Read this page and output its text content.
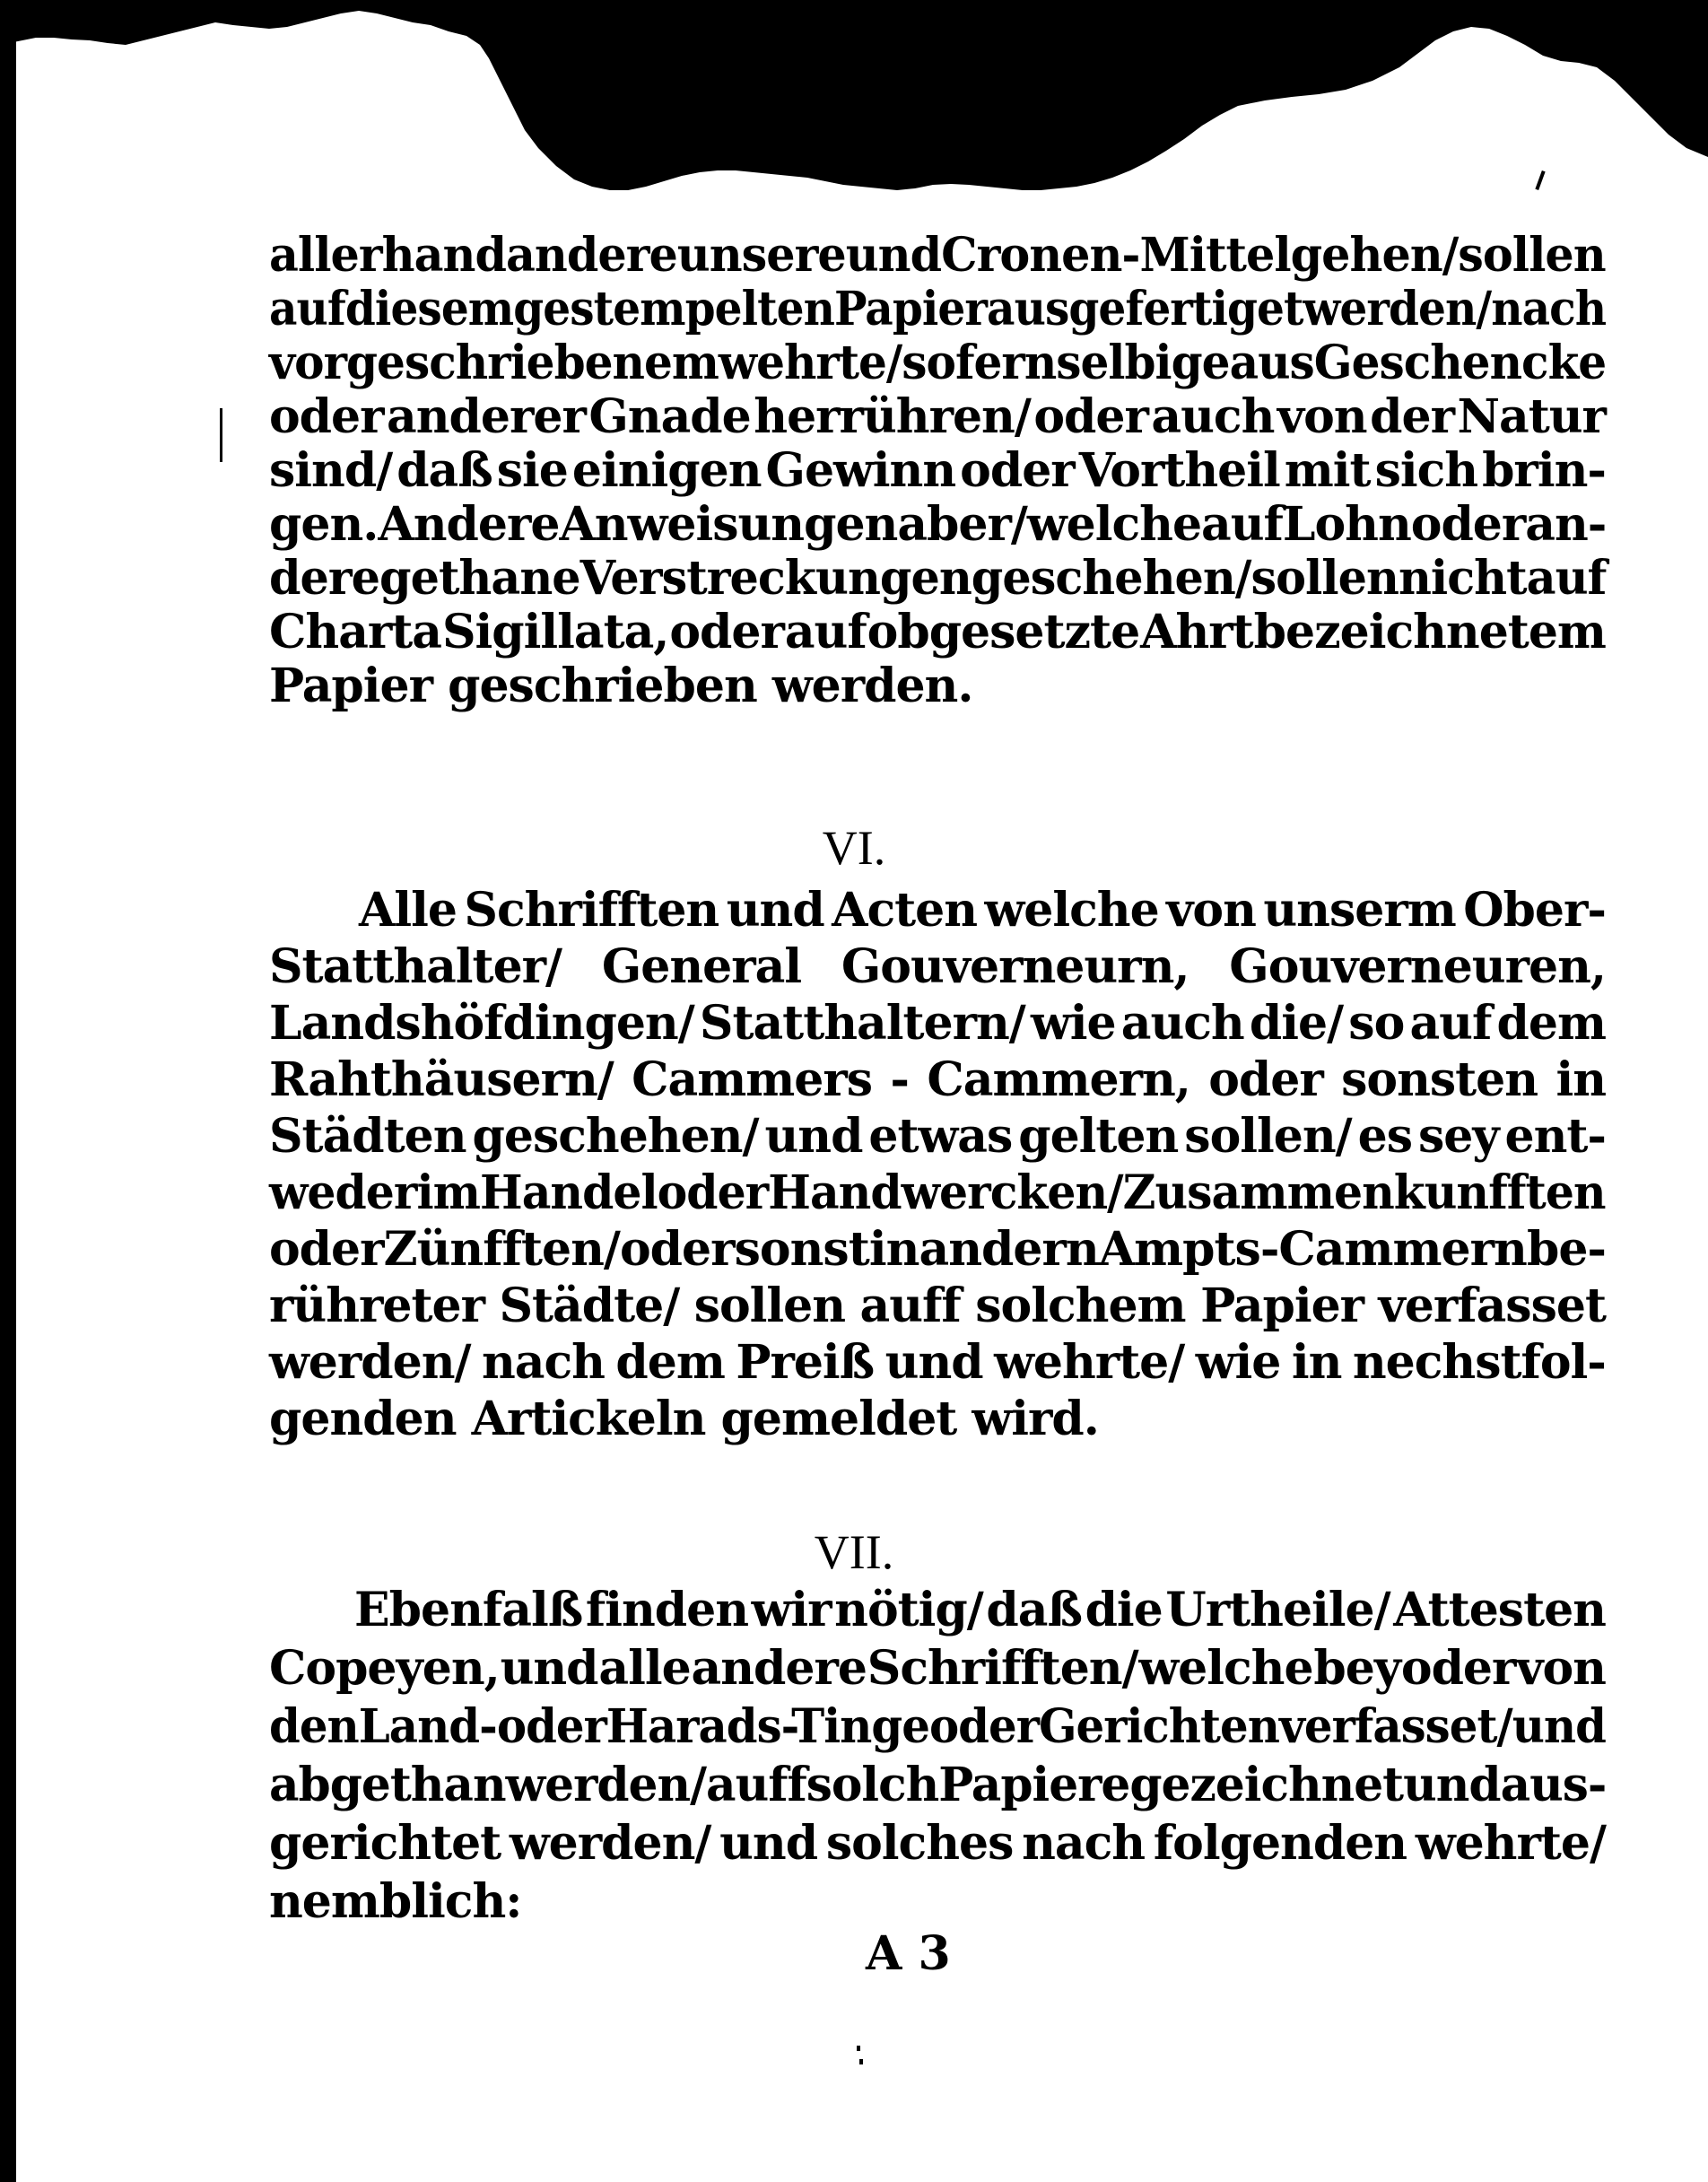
allerhand andere unsere und Cronen-Mittel gehen/ sollen
auf diesem gestempelten Papier ausgefertiget werden/ nach
vorgeschriebenem wehrte / so fern selbige aus Geschencke
oder anderer Gnade herrühren/ oder auch von der Natur
sind/ daß sie einigen Gewinn oder Vortheil mit sich brin-
gen. Andere Anweisungen aber/ welche auf Lohn oder an-
dere gethane Verstreckungen geschehen/ sollen nicht auf
Charta Sigillata, oder auf obgesetzte Ahrt bezeichnetem
Papier geschrieben werden.
VI.
Alle Schrifften und Acten welche von unserm Ober-
Statthalter/ General Gouverneurn, Gouverneuren,
Landshöfdingen/ Statthaltern/ wie auch die/ so auf dem
Rahthäusern/ Cammers - Cammern, oder sonsten in
Städten geschehen/ und etwas gelten sollen/ es sey ent-
weder im Handel oder Handwercken/ Zusammenkunfften
oder Zünfften/ oder sonst in andern Ampts-Cammern be-
rühreter Städte/ sollen auff solchem Papier verfasset
werden/ nach dem Preiß und wehrte/ wie in nechstfol-
genden Artickeln gemeldet wird.
VII.
Ebenfalß finden wir nötig/ daß die Urtheile/ Attesten
Copeyen, und alle andere Schrifften/ welche bey oder von
den Land- oder Harads-Tinge oder Gerichten verfasset/ und
abgethan werden/ auff solch Papiere gezeichnet und aus-
gerichtet werden/ und solches nach folgenden wehrte/
nemblich:
A 3
